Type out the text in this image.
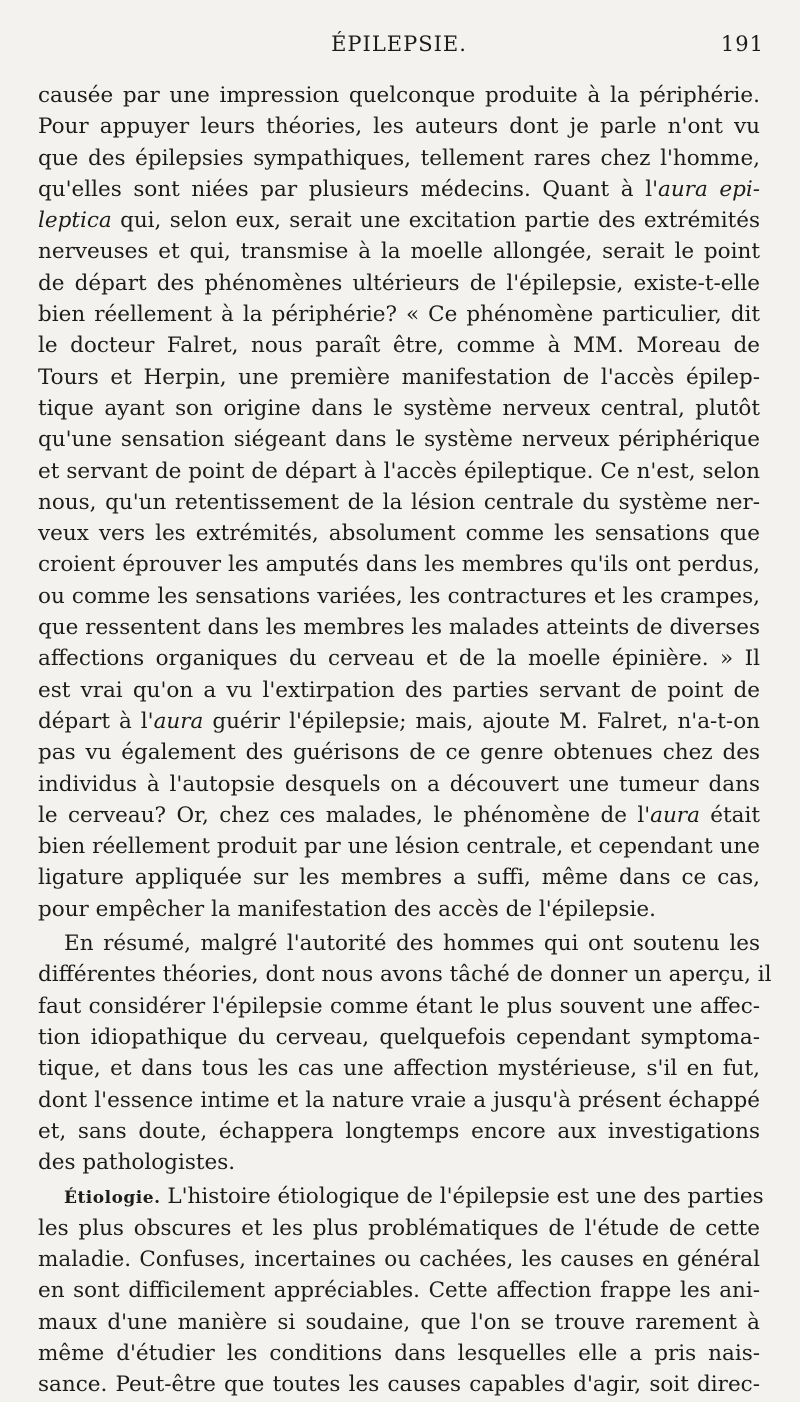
ÉPILEPSIE.	191
causée par une impression quelconque produite à la périphérie.
Pour appuyer leurs théories, les auteurs dont je parle n'ont vu
que des épilepsies sympathiques, tellement rares chez l'homme,
qu'elles sont niées par plusieurs médecins. Quant à l'aura epi-
leptica qui, selon eux, serait une excitation partie des extrémités
nerveuses et qui, transmise à la moelle allongée, serait le point
de départ des phénomènes ultérieurs de l'épilepsie, existe-t-elle
bien réellement à la périphérie? « Ce phénomène particulier, dit
le docteur Falret, nous paraît être, comme à MM. Moreau de
Tours et Herpin, une première manifestation de l'accès épilep-
tique ayant son origine dans le système nerveux central, plutôt
qu'une sensation siégeant dans le système nerveux périphérique
et servant de point de départ à l'accès épileptique. Ce n'est, selon
nous, qu'un retentissement de la lésion centrale du système ner-
veux vers les extrémités, absolument comme les sensations que
croient éprouver les amputés dans les membres qu'ils ont perdus,
ou comme les sensations variées, les contractures et les crampes,
que ressentent dans les membres les malades atteints de diverses
affections organiques du cerveau et de la moelle épinière. » Il
est vrai qu'on a vu l'extirpation des parties servant de point de
départ à l'aura guérir l'épilepsie; mais, ajoute M. Falret, n'a-t-on
pas vu également des guérisons de ce genre obtenues chez des
individus à l'autopsie desquels on a découvert une tumeur dans
le cerveau? Or, chez ces malades, le phénomène de l'aura était
bien réellement produit par une lésion centrale, et cependant une
ligature appliquée sur les membres a suffi, même dans ce cas,
pour empêcher la manifestation des accès de l'épilepsie.
En résumé, malgré l'autorité des hommes qui ont soutenu les
différentes théories, dont nous avons tâché de donner un aperçu, il
faut considérer l'épilepsie comme étant le plus souvent une affec-
tion idiopathique du cerveau, quelquefois cependant symptoma-
tique, et dans tous les cas une affection mystérieuse, s'il en fut,
dont l'essence intime et la nature vraie a jusqu'à présent échappé
et, sans doute, échappera longtemps encore aux investigations
des pathologistes.
Étiologie. L'histoire étiologique de l'épilepsie est une des parties
les plus obscures et les plus problématiques de l'étude de cette
maladie. Confuses, incertaines ou cachées, les causes en général
en sont difficilement appréciables. Cette affection frappe les ani-
maux d'une manière si soudaine, que l'on se trouve rarement à
même d'étudier les conditions dans lesquelles elle a pris nais-
sance. Peut-être que toutes les causes capables d'agir, soit direc-
